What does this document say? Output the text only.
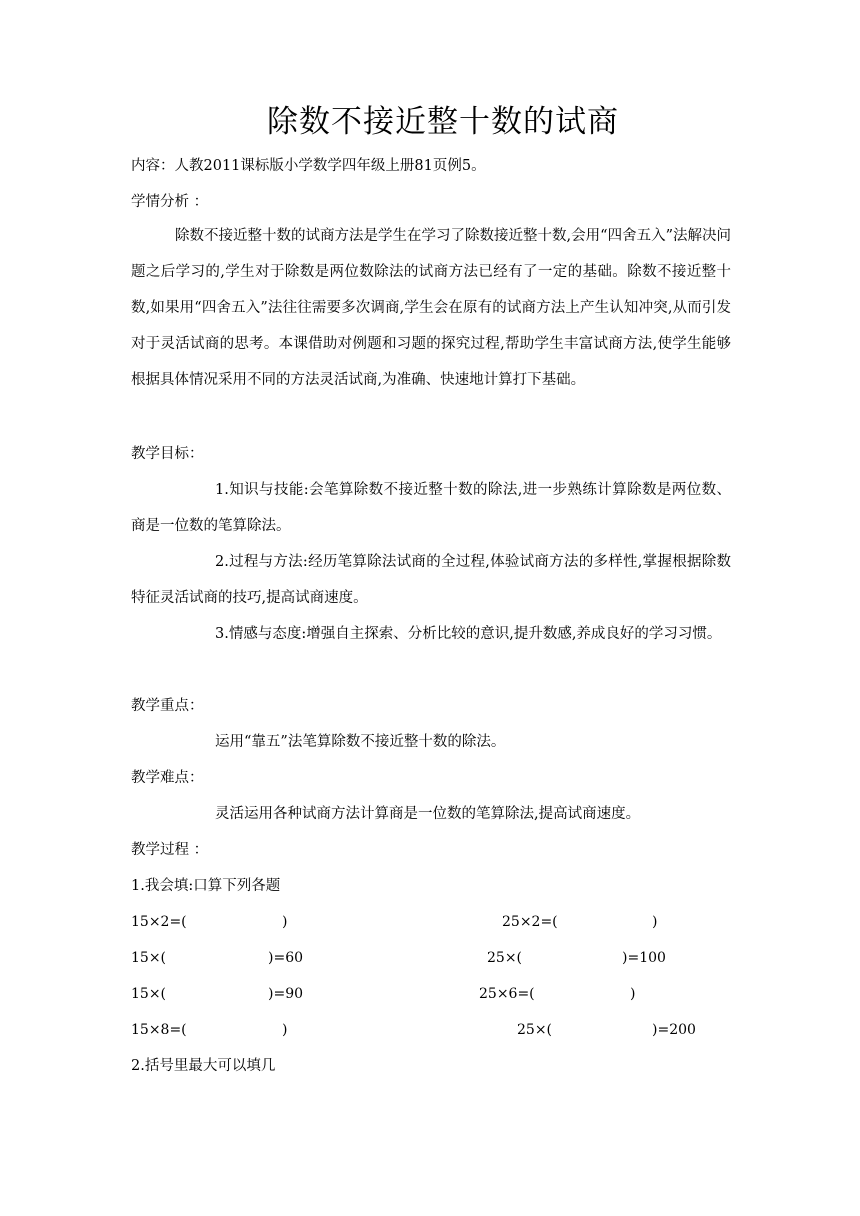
除数不接近整十数的试商
内容：人教2011课标版小学数学四年级上册81页例5。
学情分析 ：
除数不接近整十数的试商方法是学生在学习了除数接近整十数,会用“四舍五入”法解决问题之后学习的,学生对于除数是两位数除法的试商方法已经有了一定的基础。除数不接近整十数,如果用“四舍五入”法往往需要多次调商,学生会在原有的试商方法上产生认知冲突,从而引发对于灵活试商的思考。本课借助对例题和习题的探究过程,帮助学生丰富试商方法,使学生能够根据具体情况采用不同的方法灵活试商,为准确、快速地计算打下基础。
教学目标：
1.知识与技能:会笔算除数不接近整十数的除法,进一步熟练计算除数是两位数、商是一位数的笔算除法。
2.过程与方法:经历笔算除法试商的全过程,体验试商方法的多样性,掌握根据除数特征灵活试商的技巧,提高试商速度。
3.情感与态度:增强自主探索、分析比较的意识,提升数感,养成良好的学习习惯。
教学重点：
运用“靠五”法笔算除数不接近整十数的除法。
教学难点：
灵活运用各种试商方法计算商是一位数的笔算除法,提高试商速度。
教学过程 ：
1.我会填:口算下列各题
15×2=(	)	25×2=(	)
15×(	)=60	25×(	)=100
15×(	)=90	25×6=(	)
15×8=(	)	25×(	)=200
2.括号里最大可以填几
